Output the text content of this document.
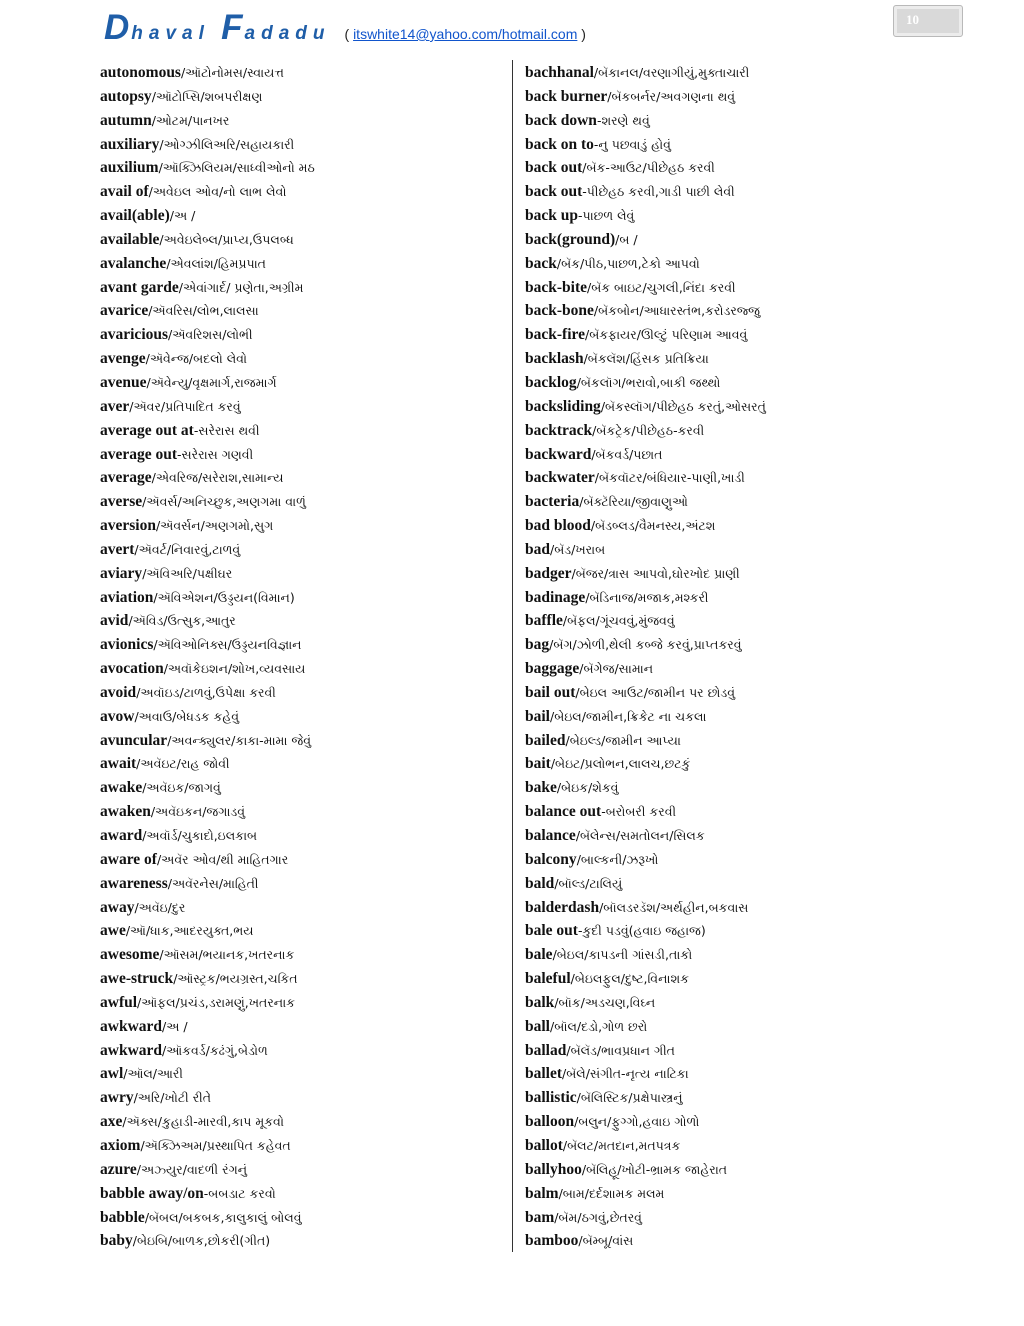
Dhaval Fadadu ( itswhite14@yahoo.com/hotmail.com )
10
autonomous/ઑટોનોમસ/સ્વાયત્ત
autopsy/ઑટોપ્સિ/શબપરીક્ષણ
autumn/ઓટમ/પાનખર
auxiliary/ઓગ્ઝીલિઅરિ/સહાયકારી
auxilium/ઑક્ઝિલિયમ/સાધ્વીઓનો મઠ
avail of/અવેઇલ ઓવ/નો લાભ લેવો
avail(able)/અ /
available/અવેઇલેબ્લ/પ્રાપ્ય,ઉપલબ્ધ
avalanche/એવલાંશ/હિમપ્રપાત
avant garde/એવાંગાર્દ/ પ્રણેતા,અગ્રીમ
avarice/ઍવરિસ/લોભ,લાલસા
avaricious/ઍવરિશસ/લોભી
avenge/ઍવેન્જ/બદલો લેવો
avenue/ઍવેન્યુ/વૃક્ષમાર્ગ,રાજમાર્ગ
aver/ઍવર/પ્રતિપાદિત કરવું
average out at-સરેરાસ થવી
average out-સરેરાસ ગણવી
average/એવરિજ/સરેરાશ,સામાન્ય
averse/ઍવર્સ/અનિચ્છુક,અણગમા વાળું
aversion/ઍવર્સન/અણગમો,સુગ
avert/ઍવર્ટ/નિવારવું,ટાળવું
aviary/ઍવિઅરિ/પક્ષીઘર
aviation/ઍવિએશન/ઉડ્ડયન(વિમાન)
avid/ઍવિડ/ઉત્સુક,આતુર
avionics/ઍવિઓનિક્સ/ઉડ્ડયનવિજ્ઞાન
avocation/અવૉકેઇશન/શોખ,વ્યવસાય
avoid/અવૉઇડ/ટાળવું,ઉપેક્ષા કરવી
avow/અવાઉ/બેધડક કહેવું
avuncular/અવન્ક્યુલર/કાકા-મામા જેવું
await/અવૅઇટ/રાહ જોવી
awake/અવૅઇક/જાગવું
awaken/અવૅઇકન/જગાડવું
award/અવૉર્ડ/ચુકાદો,ઇલકાબ
aware of/અવૅર ઓવ/થી માહિતગાર
awareness/અવૅરનેસ/માહિતી
away/અવૅઇ/દુર
awe/ઑ/ધાક,આદરયુક્ત,ભય
awesome/ઑસમ/ભયાનક,ખતરનાક
awe-struck/ઑસ્ટ્રક/ભયગ્રસ્ત,ચકિત
awful/ઑફલ/પ્રચંડ,ડરામણું,ખતરનાક
awkward/અ /
awkward/ઑકવર્ડ/કઢંગું,બેડોળ
awl/ઑલ/આરી
awry/અરિ/ખોટી રીતે
axe/ઍક્સ/કુહાડી-મારવી,કાપ મૂકવો
axiom/ઍક્ઝિઅમ/પ્રસ્થાપિત કહેવત
azure/અઝ્યુર/વાદળી રંગનું
babble away/on-બબડાટ કરવો
babble/બૅબલ/બકબક,કાલુકાલું બોલવું
baby/બેઇબિ/બાળક,છોકરી(ગીત)
bachhanal/બૅકાનલ/વરણાગીયું,મુક્તાચારી
back burner/બૅકબર્નર/અવગણના થવું
back down-શરણે થવું
back on to-નુ પછવાડું હોવું
back out/બૅક-આઉટ/પીછેહઠ કરવી
back out-પીછેહઠ કરવી,ગાડી પાછી લેવી
back up-પાછળ લેવું
back(ground)/બ /
back/બૅક/પીઠ,પાછળ,ટેકો આપવો
back-bite/બૅક બાઇટ/ચુગલી,નિંદા કરવી
back-bone/બૅકબોન/આધારસ્તંભ,કરોડરજ્જુ
back-fire/બૅકફાયર/ઊલ્ટું પરિણામ આવવું
backlash/બૅકલૅશ/હિંસક પ્રતિક્રિયા
backlog/બૅકલૉગ/ભરાવો,બાકી જથ્થો
backsliding/બૅકસ્લૉગ/પીછેહઠ કરતું,ઓસરતું
backtrack/બૅકટ્રેક/પીછેહઠ-કરવી
backward/બૅકવર્ડ/પછાત
backwater/બૅકવૉટર/બંધિયાર-પાણી,ખાડી
bacteria/બૅક્ટૅરિયા/જીવાણુઓ
bad blood/બૅડબ્લડ/વૈમનસ્ય,અંટશ
bad/બૅડ/ખરાબ
badger/બૅજર/ત્રાસ આપવો,ઘોરખોદ પ્રાણી
badinage/બૅડિનાજ/મજાક,મશ્કરી
baffle/બૅફલ/ગૂંચવવું,મુંજવવું
bag/બૅગ/ઝોળી,થેલી કબ્જે કરવું,પ્રાપ્તકરવું
baggage/બૅગેજ/સામાન
bail out/બેઇલ આઉટ/જામીન પર છોડવું
bail/બેઇલ/જામીન,ક્રિકેટ ના ચકલા
bailed/બેઇલ્ડ/જામીન આપ્યા
bait/બેઇટ/પ્રલોભન,લાલચ,છટકું
bake/બેઇક/શેકવું
balance out-બરોબરી કરવી
balance/બૅલેન્સ/સમતોલન/સિલક
balcony/બાલ્કની/ઝરૂખો
bald/બૉલ્ડ/ટાલિયું
balderdash/બૉલડરડૅશ/અર્થહીન,બકવાસ
bale out-કુદી પડવું(હવાઇ જહાજ)
bale/બેઇલ/કાપડની ગાંસડી,તાકો
baleful/બેઇલફુલ/દુષ્ટ,વિનાશક
balk/બૉક/અડચણ,વિઘ્ન
ball/બૉલ/દડો,ગોળ છરો
ballad/બૅલૅડ/ભાવપ્રધાન ગીત
ballet/બૅલે/સંગીત-નૃત્ય નાટિકા
ballistic/બૅલિસ્ટિક/પ્રક્ષેપાસ્ત્રનું
balloon/બલુન/ફુગ્ગો,હવાઇ ગોળો
ballot/બૅલટ/મતદાન,મતપત્રક
ballyhoo/બૅલિહૂ/ખોટી-ભ્રામક જાહેરાત
balm/બામ/દર્દશામક મલમ
bam/બૅમ/ઠગવું,છેતરવું
bamboo/બૅમ્બૂ/વાંસ
